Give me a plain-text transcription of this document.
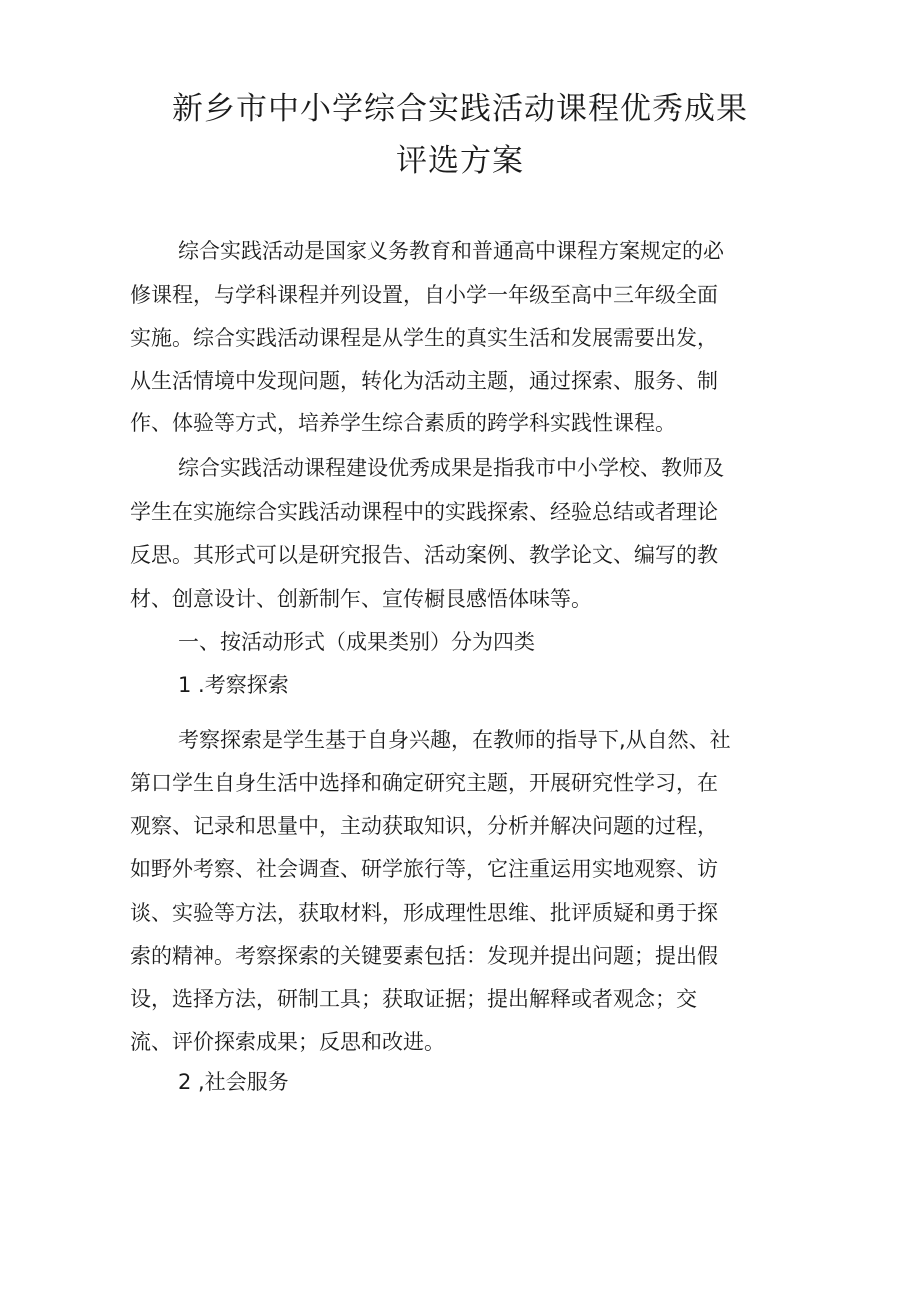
新乡市中小学综合实践活动课程优秀成果
评选方案

综合实践活动是国家义务教育和普通高中课程方案规定的必

修课程，与学科课程并列设置，自小学一年级至高中三年级全面

实施。综合实践活动课程是从学生的真实生活和发展需要出发，

从生活情境中发现问题，转化为活动主题，通过探索、服务、制

作、体验等方式，培养学生综合素质的跨学科实践性课程。

综合实践活动课程建设优秀成果是指我市中小学校、教师及

学生在实施综合实践活动课程中的实践探索、经验总结或者理论

反思。其形式可以是研究报告、活动案例、教学论文、编写的教

材、创意设计、创新制乍、宣传橱艮感悟体味等。

一、按活动形式（成果类别）分为四类

1 .考察探索

考察探索是学生基于自身兴趣，在教师的指导下,从自然、社

第口学生自身生活中选择和确定研究主题，开展研究性学习，在

观察、记录和思量中，主动获取知识，分析并解决问题的过程，

如野外考察、社会调查、研学旅行等，它注重运用实地观察、访

谈、实验等方法，获取材料，形成理性思维、批评质疑和勇于探

索的精神。考察探索的关键要素包括：发现并提出问题；提出假

设，选择方法，研制工具；获取证据；提出解释或者观念；交

流、评价探索成果；反思和改进。

2 ,社会服务
